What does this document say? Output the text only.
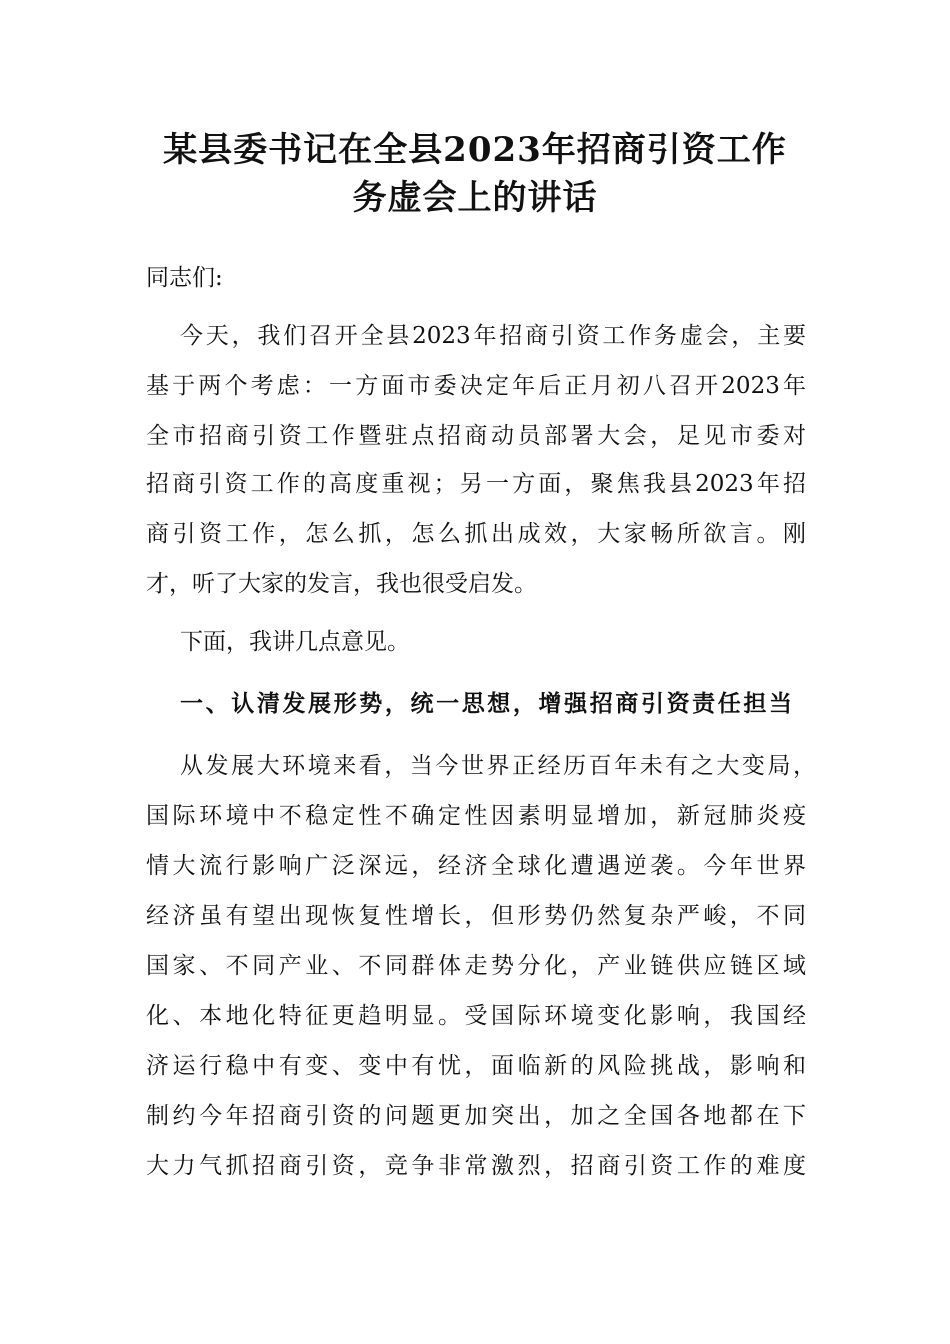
某县委书记在全县2023年招商引资工作
务虚会上的讲话
同志们:
今天，我们召开全县2023年招商引资工作务虚会，主要
基于两个考虑：一方面市委决定年后正月初八召开2023年
全市招商引资工作暨驻点招商动员部署大会，足见市委对
招商引资工作的高度重视；另一方面，聚焦我县2023年招
商引资工作，怎么抓，怎么抓出成效，大家畅所欲言。刚
才，听了大家的发言，我也很受启发。
下面，我讲几点意见。
一、认清发展形势，统一思想，增强招商引资责任担当
从发展大环境来看，当今世界正经历百年未有之大变局，
国际环境中不稳定性不确定性因素明显增加，新冠肺炎疫
情大流行影响广泛深远，经济全球化遭遇逆袭。今年世界
经济虽有望出现恢复性增长，但形势仍然复杂严峻，不同
国家、不同产业、不同群体走势分化，产业链供应链区域
化、本地化特征更趋明显。受国际环境变化影响，我国经
济运行稳中有变、变中有忧，面临新的风险挑战，影响和
制约今年招商引资的问题更加突出，加之全国各地都在下
大力气抓招商引资，竞争非常激烈，招商引资工作的难度
